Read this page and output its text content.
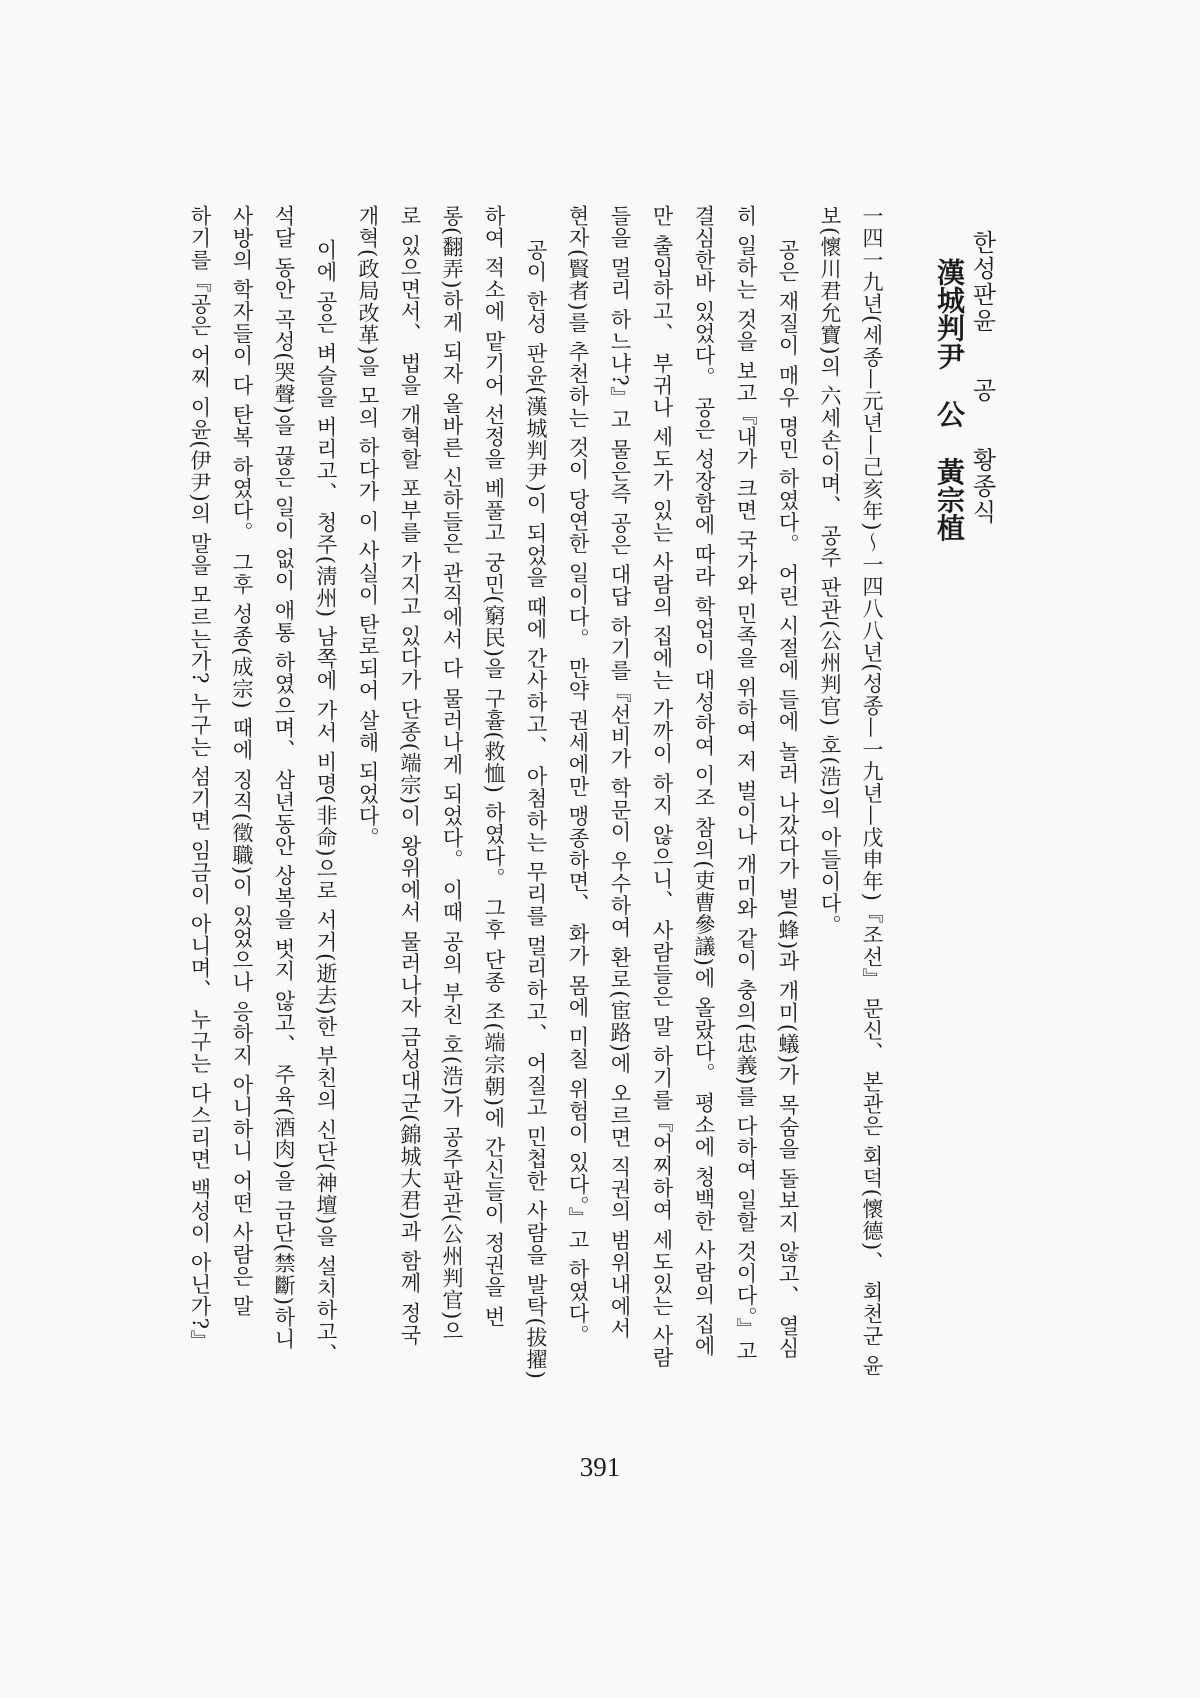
한성판윤 공 황종식
漢城判尹 公 黃宗植
一四一九년(세종—元년—己亥年)～一四八八년(성종—一九년—戊申年)『조선』 문신、 본관은 회덕(懷德)、 회천군 윤
보(懷川君允寶)의 六세손이며、 공주 판관(公州判官) 호(浩)의 아들이다。
공은 재질이 매우 명민 하였다。 어린 시절에 들에 놀러 나갔다가 벌(蜂)과 개미(蟻)가 목숨을 돌보지 않고、 열심
히 일하는 것을 보고『내가 크면 국가와 민족을 위하여 저 벌이나 개미와 같이 충의(忠義)를 다하여 일할 것이다。』고
결심한바 있었다。 공은 성장함에 따라 학업이 대성하여 이조 참의(吏曹參議)에 올랐다。 평소에 청백한 사람의 집에
만 출입하고、 부귀나 세도가 있는 사람의 집에는 가까이 하지 않으니、 사람들은 말 하기를『어찌하여 세도있는 사람
들을 멀리 하느냐?』고 물은즉 공은 대답 하기를『선비가 학문이 우수하여 환로(宦路)에 오르면 직권의 범위내에서
현자(賢者)를 추천하는 것이 당연한 일이다。 만약 권세에만 맹종하면、 화가 몸에 미칠 위험이 있다。』고 하였다。
공이 한성 판윤(漢城判尹)이 되었을 때에 간사하고、 아첨하는 무리를 멀리하고、 어질고 민첩한 사람을 발탁(拔擢)
하여 적소에 맡기어 선정을 베풀고 궁민(窮民)을 구휼(救恤) 하였다。 그후 단종 조(端宗朝)에 간신들이 정권을 번
롱(翻弄)하게 되자 올바른 신하들은 관직에서 다 물러나게 되었다。 이때 공의 부친 호(浩)가 공주판관(公州判官)으
로 있으면서、 법을 개혁할 포부를 가지고 있다가 단종(端宗)이 왕위에서 물러나자 금성대군(錦城大君)과 함께 정국
개혁(政局改革)을 모의 하다가 이 사실이 탄로되어 살해 되었다。
이에 공은 벼슬을 버리고、 청주(淸州) 남쪽에 가서 비명(非命)으로 서거(逝去)한 부친의 신단(神壇)을 설치하고、
석달 동안 곡성(哭聲)을 끊은 일이 없이 애통 하였으며、 삼년동안 상복을 벗지 않고、 주육(酒肉)을 금단(禁斷)하니
사방의 학자들이 다 탄복 하였다。 그후 성종(成宗) 때에 징직(徵職)이 있었으나 응하지 아니하니 어떤 사람은 말
하기를『공은 어찌 이윤(伊尹)의 말을 모르는가? 누구는 섬기면 임금이 아니며、 누구는 다스리면 백성이 아닌가?』
391
